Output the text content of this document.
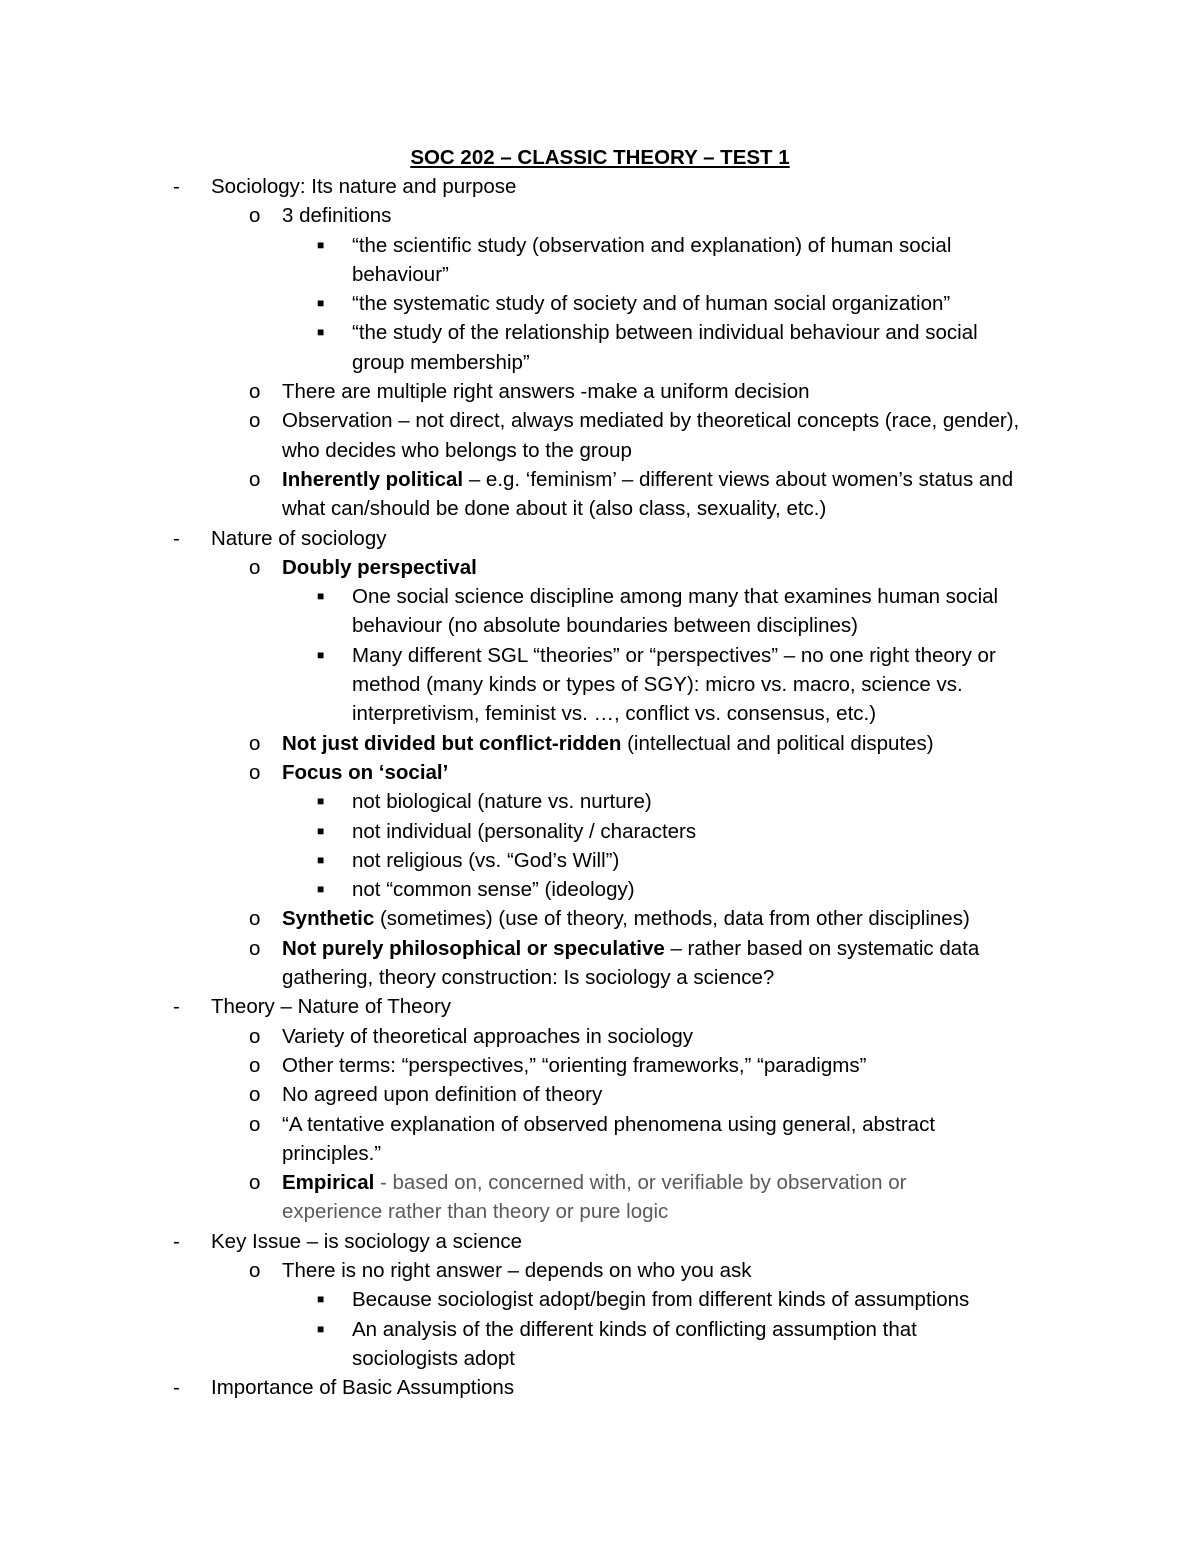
SOC 202 – CLASSIC THEORY – TEST 1
- Sociology: Its nature and purpose
o 3 definitions
■ “the scientific study (observation and explanation) of human social
behaviour”
■ “the systematic study of society and of human social organization”
■ “the study of the relationship between individual behaviour and social
group membership”
o There are multiple right answers -make a uniform decision
o Observation – not direct, always mediated by theoretical concepts (race, gender),
who decides who belongs to the group
o Inherently political – e.g. ‘feminism’ – different views about women’s status and
what can/should be done about it (also class, sexuality, etc.)
- Nature of sociology
o Doubly perspectival
■ One social science discipline among many that examines human social
behaviour (no absolute boundaries between disciplines)
■ Many different SGL “theories” or “perspectives” – no one right theory or
method (many kinds or types of SGY): micro vs. macro, science vs.
interpretivism, feminist vs. …, conflict vs. consensus, etc.)
o Not just divided but conflict-ridden (intellectual and political disputes)
o Focus on ‘social’
■ not biological (nature vs. nurture)
■ not individual (personality / characters
■ not religious (vs. “God’s Will”)
■ not “common sense” (ideology)
o Synthetic (sometimes) (use of theory, methods, data from other disciplines)
o Not purely philosophical or speculative – rather based on systematic data
gathering, theory construction: Is sociology a science?
- Theory – Nature of Theory
o Variety of theoretical approaches in sociology
o Other terms: “perspectives,” “orienting frameworks,” “paradigms”
o No agreed upon definition of theory
o “A tentative explanation of observed phenomena using general, abstract
principles.”
o Empirical - based on, concerned with, or verifiable by observation or
experience rather than theory or pure logic
- Key Issue – is sociology a science
o There is no right answer – depends on who you ask
■ Because sociologist adopt/begin from different kinds of assumptions
■ An analysis of the different kinds of conflicting assumption that
sociologists adopt
- Importance of Basic Assumptions
